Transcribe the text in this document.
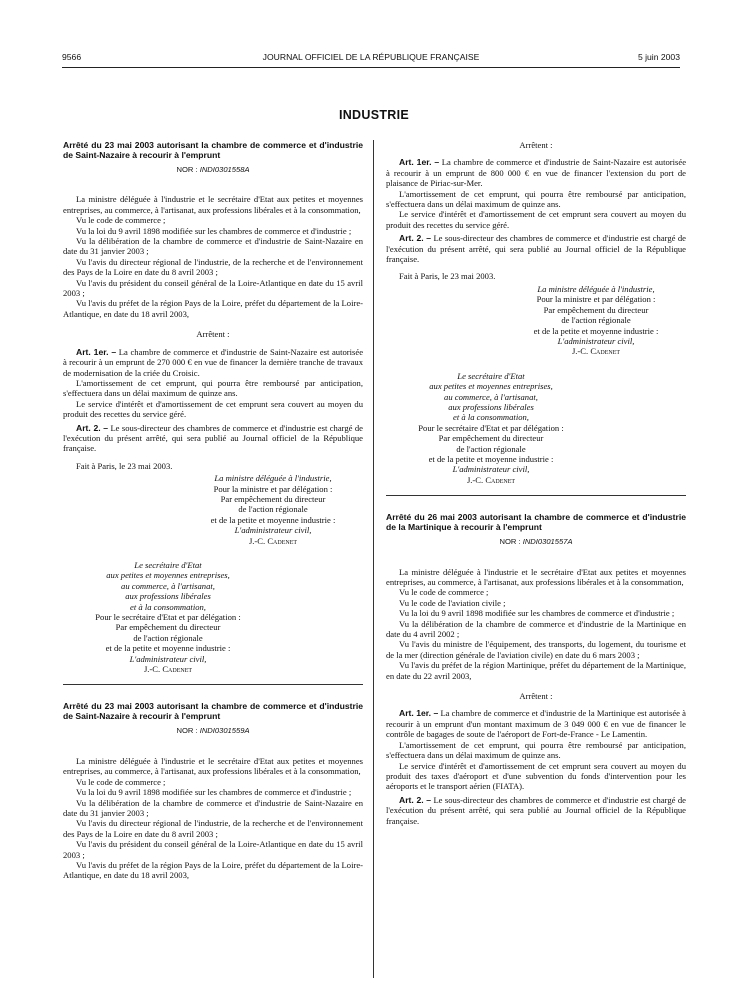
9566	JOURNAL OFFICIEL DE LA RÉPUBLIQUE FRANÇAISE	5 juin 2003
INDUSTRIE
Arrêté du 23 mai 2003 autorisant la chambre de commerce et d'industrie de Saint-Nazaire à recourir à l'emprunt
NOR : INDI0301558A

La ministre déléguée à l'industrie et le secrétaire d'Etat aux petites et moyennes entreprises, au commerce, à l'artisanat, aux professions libérales et à la consommation,

Vu le code de commerce ;

Vu la loi du 9 avril 1898 modifiée sur les chambres de commerce et d'industrie ;

Vu la délibération de la chambre de commerce et d'industrie de Saint-Nazaire en date du 31 janvier 2003 ;

Vu l'avis du directeur régional de l'industrie, de la recherche et de l'environnement des Pays de la Loire en date du 8 avril 2003 ;

Vu l'avis du président du conseil général de la Loire-Atlantique en date du 15 avril 2003 ;

Vu l'avis du préfet de la région Pays de la Loire, préfet du département de la Loire-Atlantique, en date du 18 avril 2003,

Arrêtent :

Art. 1er. – La chambre de commerce et d'industrie de Saint-Nazaire est autorisée à recourir à un emprunt de 270 000 € en vue de financer la dernière tranche de travaux de modernisation de la criée du Croisic.

L'amortissement de cet emprunt, qui pourra être remboursé par anticipation, s'effectuera dans un délai maximum de quinze ans.

Le service d'intérêt et d'amortissement de cet emprunt sera couvert au moyen du produit des recettes du service géré.

Art. 2. – Le sous-directeur des chambres de commerce et d'industrie est chargé de l'exécution du présent arrêté, qui sera publié au Journal officiel de la République française.

Fait à Paris, le 23 mai 2003.

La ministre déléguée à l'industrie,
Pour la ministre et par délégation :
Par empêchement du directeur
de l'action régionale
et de la petite et moyenne industrie :
L'administrateur civil,
J.-C. Cadenet
Le secrétaire d'Etat
aux petites et moyennes entreprises,
au commerce, à l'artisanat,
aux professions libérales
et à la consommation,
Pour le secrétaire d'Etat et par délégation :
Par empêchement du directeur
de l'action régionale
et de la petite et moyenne industrie :
L'administrateur civil,
J.-C. Cadenet
Arrêté du 23 mai 2003 autorisant la chambre de commerce et d'industrie de Saint-Nazaire à recourir à l'emprunt
NOR : INDI0301559A

La ministre déléguée à l'industrie et le secrétaire d'Etat aux petites et moyennes entreprises, au commerce, à l'artisanat, aux professions libérales et à la consommation,

Vu le code de commerce ;

Vu la loi du 9 avril 1898 modifiée sur les chambres de commerce et d'industrie ;

Vu la délibération de la chambre de commerce et d'industrie de Saint-Nazaire en date du 31 janvier 2003 ;

Vu l'avis du directeur régional de l'industrie, de la recherche et de l'environnement des Pays de la Loire en date du 8 avril 2003 ;

Vu l'avis du président du conseil général de la Loire-Atlantique en date du 15 avril 2003 ;

Vu l'avis du préfet de la région Pays de la Loire, préfet du département de la Loire-Atlantique, en date du 18 avril 2003,

Arrêtent :

Art. 1er. – La chambre de commerce et d'industrie de Saint-Nazaire est autorisée à recourir à un emprunt de 800 000 € en vue de financer l'extension du port de plaisance de Piriac-sur-Mer.

L'amortissement de cet emprunt, qui pourra être remboursé par anticipation, s'effectuera dans un délai maximum de quinze ans.

Le service d'intérêt et d'amortissement de cet emprunt sera couvert au moyen du produit des recettes du service géré.

Art. 2. – Le sous-directeur des chambres de commerce et d'industrie est chargé de l'exécution du présent arrêté, qui sera publié au Journal officiel de la République française.

Fait à Paris, le 23 mai 2003.

La ministre déléguée à l'industrie,
Pour la ministre et par délégation :
Par empêchement du directeur
de l'action régionale
et de la petite et moyenne industrie :
L'administrateur civil,
J.-C. Cadenet
Le secrétaire d'Etat
aux petites et moyennes entreprises,
au commerce, à l'artisanat,
aux professions libérales
et à la consommation,
Pour le secrétaire d'Etat et par délégation :
Par empêchement du directeur
de l'action régionale
et de la petite et moyenne industrie :
L'administrateur civil,
J.-C. Cadenet
Arrêté du 26 mai 2003 autorisant la chambre de commerce et d'industrie de la Martinique à recourir à l'emprunt
NOR : INDI0301557A

La ministre déléguée à l'industrie et le secrétaire d'Etat aux petites et moyennes entreprises, au commerce, à l'artisanat, aux professions libérales et à la consommation,

Vu le code de commerce ;

Vu le code de l'aviation civile ;

Vu la loi du 9 avril 1898 modifiée sur les chambres de commerce et d'industrie ;

Vu la délibération de la chambre de commerce et d'industrie de la Martinique en date du 4 avril 2002 ;

Vu l'avis du ministre de l'équipement, des transports, du logement, du tourisme et de la mer (direction générale de l'aviation civile) en date du 6 mars 2003 ;

Vu l'avis du préfet de la région Martinique, préfet du département de la Martinique, en date du 22 avril 2003,

Arrêtent :

Art. 1er. – La chambre de commerce et d'industrie de la Martinique est autorisée à recourir à un emprunt d'un montant maximum de 3 049 000 € en vue de financer le contrôle de bagages de soute de l'aéroport de Fort-de-France - Le Lamentin.

L'amortissement de cet emprunt, qui pourra être remboursé par anticipation, s'effectuera dans un délai maximum de quinze ans.

Le service d'intérêt et d'amortissement de cet emprunt sera couvert au moyen du produit des taxes d'aéroport et d'une subvention du fonds d'intervention pour les aéroports et le transport aérien (FIATA).

Art. 2. – Le sous-directeur des chambres de commerce et d'industrie est chargé de l'exécution du présent arrêté, qui sera publié au Journal officiel de la République française.
